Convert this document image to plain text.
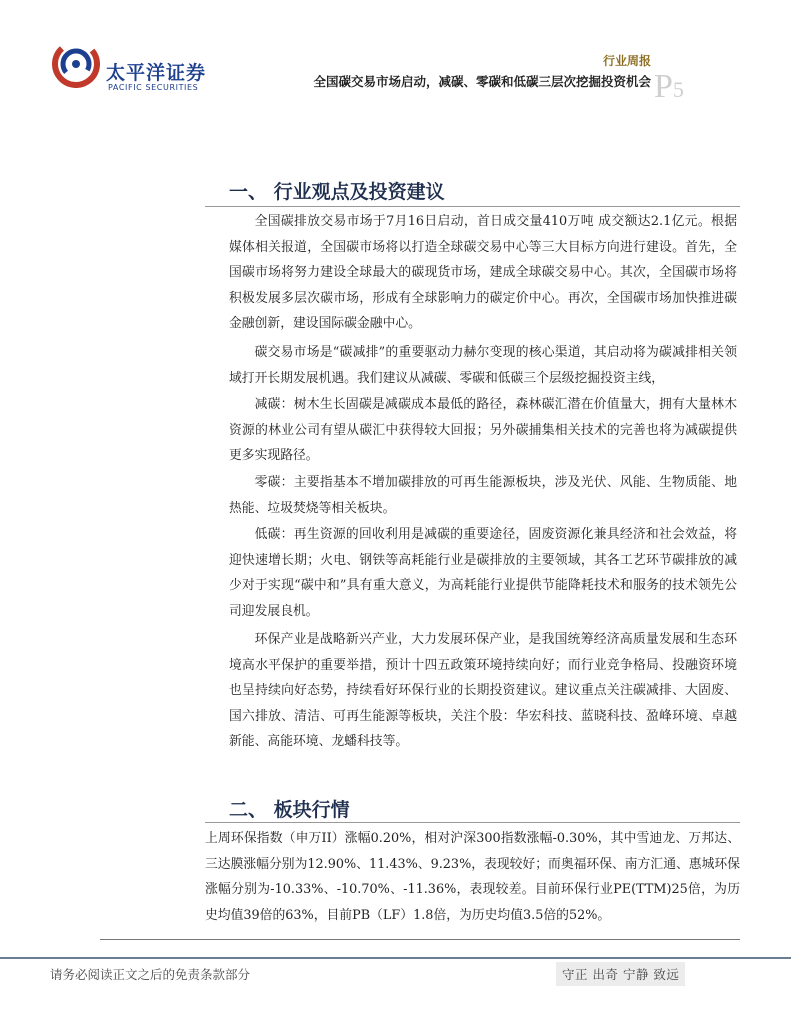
太平洋证券
PACIFIC SECURITIES
行业周报
全国碳交易市场启动，减碳、零碳和低碳三层次挖掘投资机会 P5
一、 行业观点及投资建议

全国碳排放交易市场于7月16日启动，首日成交量410万吨 成交额达2.1亿元。根据媒体相关报道，全国碳市场将以打造全球碳交易中心等三大目标方向进行建设。首先，全国碳市场将努力建设全球最大的碳现货市场，建成全球碳交易中心。其次，全国碳市场将积极发展多层次碳市场，形成有全球影响力的碳定价中心。再次，全国碳市场加快推进碳金融创新，建设国际碳金融中心。

碳交易市场是“碳减排”的重要驱动力赫尔变现的核心渠道，其启动将为碳减排相关领域打开长期发展机遇。我们建议从减碳、零碳和低碳三个层级挖掘投资主线，

减碳：树木生长固碳是减碳成本最低的路径，森林碳汇潜在价值量大，拥有大量林木资源的林业公司有望从碳汇中获得较大回报；另外碳捕集相关技术的完善也将为减碳提供更多实现路径。

零碳：主要指基本不增加碳排放的可再生能源板块，涉及光伏、风能、生物质能、地热能、垃圾焚烧等相关板块。

低碳：再生资源的回收利用是减碳的重要途径，固废资源化兼具经济和社会效益，将迎快速增长期；火电、钢铁等高耗能行业是碳排放的主要领域，其各工艺环节碳排放的减少对于实现“碳中和”具有重大意义，为高耗能行业提供节能降耗技术和服务的技术领先公司迎发展良机。

环保产业是战略新兴产业，大力发展环保产业，是我国统筹经济高质量发展和生态环境高水平保护的重要举措，预计十四五政策环境持续向好；而行业竞争格局、投融资环境也呈持续向好态势，持续看好环保行业的长期投资建议。建议重点关注碳减排、大固废、国六排放、清洁、可再生能源等板块，关注个股：华宏科技、蓝晓科技、盈峰环境、卓越新能、高能环境、龙蟠科技等。

二、 板块行情

上周环保指数（申万II）涨幅0.20%，相对沪深300指数涨幅-0.30%，其中雪迪龙、万邦达、三达膜涨幅分别为12.90%、11.43%、9.23%，表现较好；而奥福环保、南方汇通、惠城环保涨幅分别为-10.33%、-10.70%、-11.36%，表现较差。目前环保行业PE(TTM)25倍，为历史均值39倍的63%，目前PB（LF）1.8倍，为历史均值3.5倍的52%。

请务必阅读正文之后的免责条款部分	守正 出奇 宁静 致远
